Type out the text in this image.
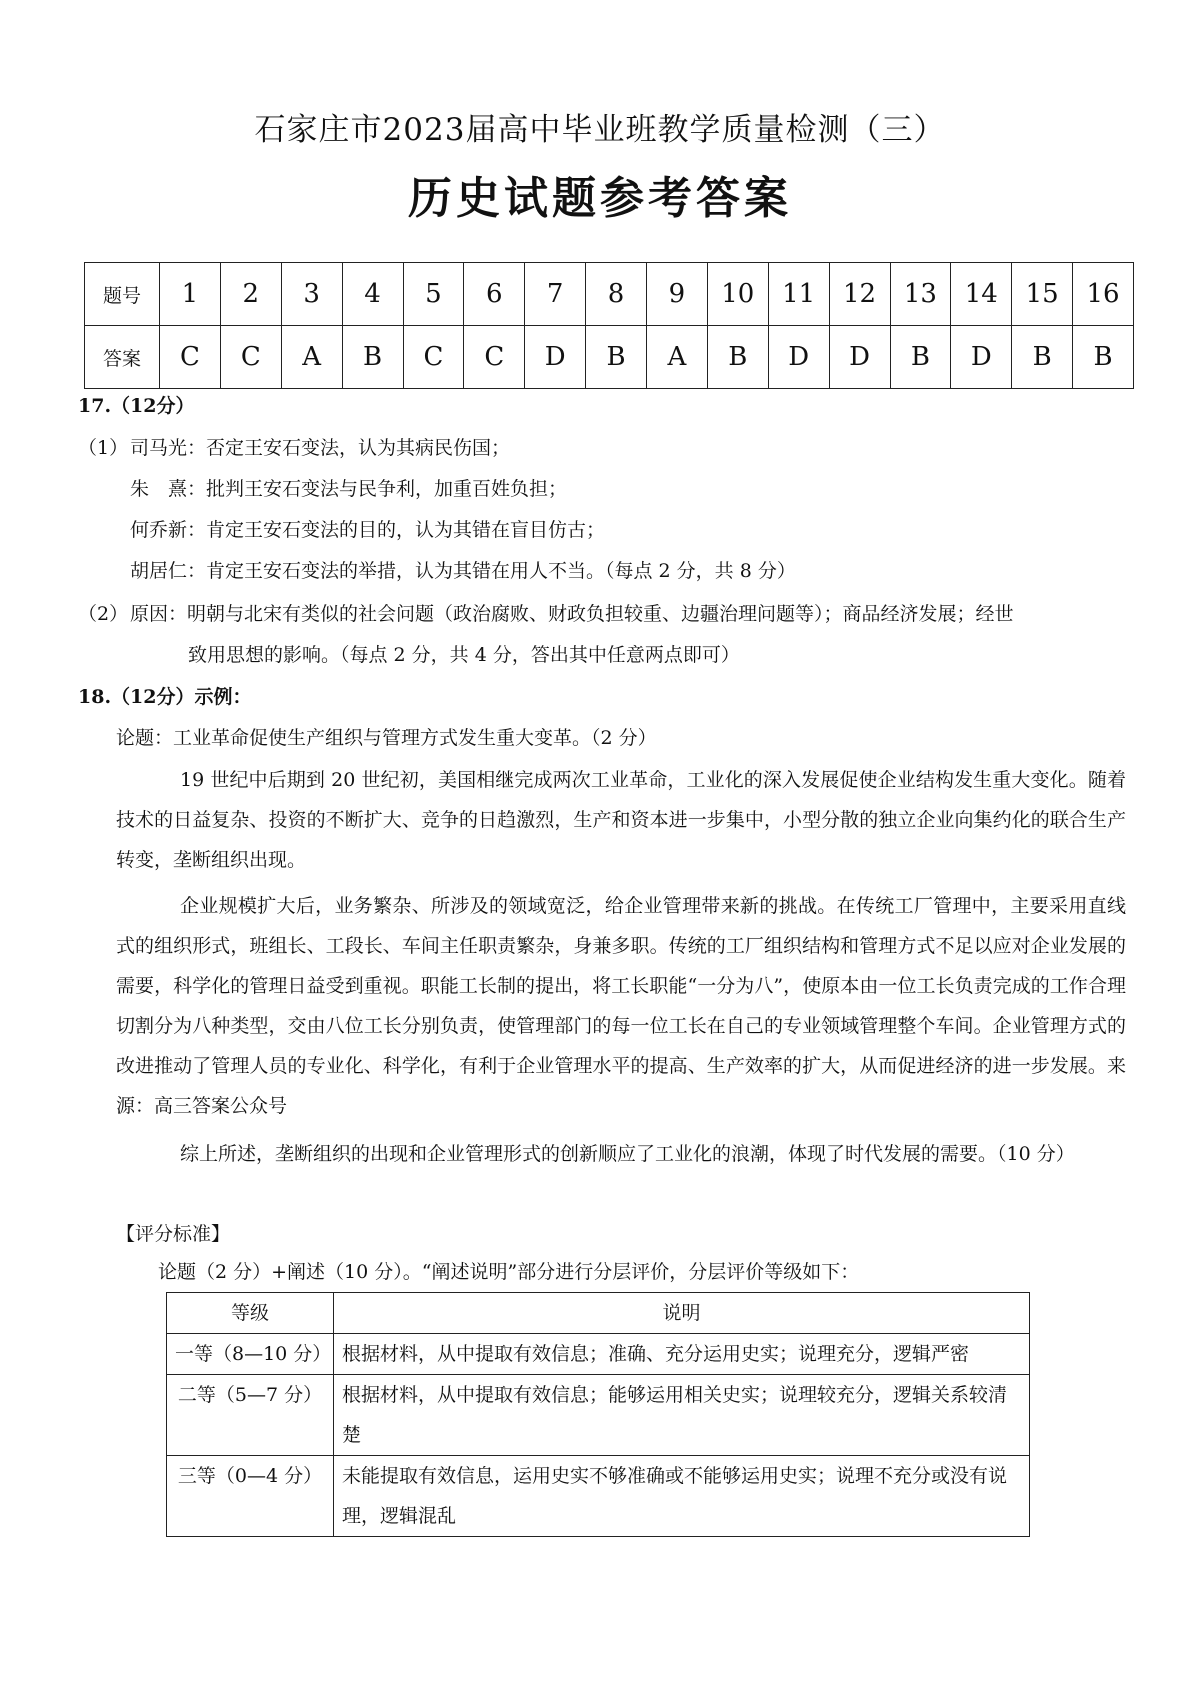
石家庄市2023届高中毕业班教学质量检测（三）
历史试题参考答案
题号	1	2	3	4	5	6	7	8	9	10	11	12	13	14	15	16
答案	C	C	A	B	C	C	D	B	A	B	D	D	B	D	B	B
17.（12分）
（1） 司马光：否定王安石变法，认为其病民伤国；
朱　熹：批判王安石变法与民争利，加重百姓负担；
何乔新：肯定王安石变法的目的，认为其错在盲目仿古；
胡居仁：肯定王安石变法的举措，认为其错在用人不当。（每点 2 分，共 8 分）
（2） 原因：明朝与北宋有类似的社会问题（政治腐败、财政负担较重、边疆治理问题等）；商品经济发展；经世
致用思想的影响。（每点 2 分，共 4 分，答出其中任意两点即可）
18.（12分）示例：
论题：工业革命促使生产组织与管理方式发生重大变革。（2 分）
19 世纪中后期到 20 世纪初，美国相继完成两次工业革命，工业化的深入发展促使企业结构发生重大变化。随着技术的日益复杂、投资的不断扩大、竞争的日趋激烈，生产和资本进一步集中，小型分散的独立企业向集约化的联合生产转变，垄断组织出现。
企业规模扩大后，业务繁杂、所涉及的领域宽泛，给企业管理带来新的挑战。在传统工厂管理中，主要采用直线式的组织形式，班组长、工段长、车间主任职责繁杂，身兼多职。传统的工厂组织结构和管理方式不足以应对企业发展的需要，科学化的管理日益受到重视。职能工长制的提出，将工长职能“一分为八”，使原本由一位工长负责完成的工作合理切割分为八种类型，交由八位工长分别负责，使管理部门的每一位工长在自己的专业领域管理整个车间。企业管理方式的改进推动了管理人员的专业化、科学化，有利于企业管理水平的提高、生产效率的扩大，从而促进经济的进一步发展。来源：高三答案公众号
综上所述，垄断组织的出现和企业管理形式的创新顺应了工业化的浪潮，体现了时代发展的需要。（10 分）
【评分标准】
论题（2 分）+阐述（10 分）。“阐述说明”部分进行分层评价，分层评价等级如下：
等级	说明
一等（8—10 分）	根据材料，从中提取有效信息；准确、充分运用史实；说理充分，逻辑严密
二等（5—7 分）	根据材料，从中提取有效信息；能够运用相关史实；说理较充分，逻辑关系较清楚
三等（0—4 分）	未能提取有效信息，运用史实不够准确或不能够运用史实；说理不充分或没有说理，逻辑混乱
